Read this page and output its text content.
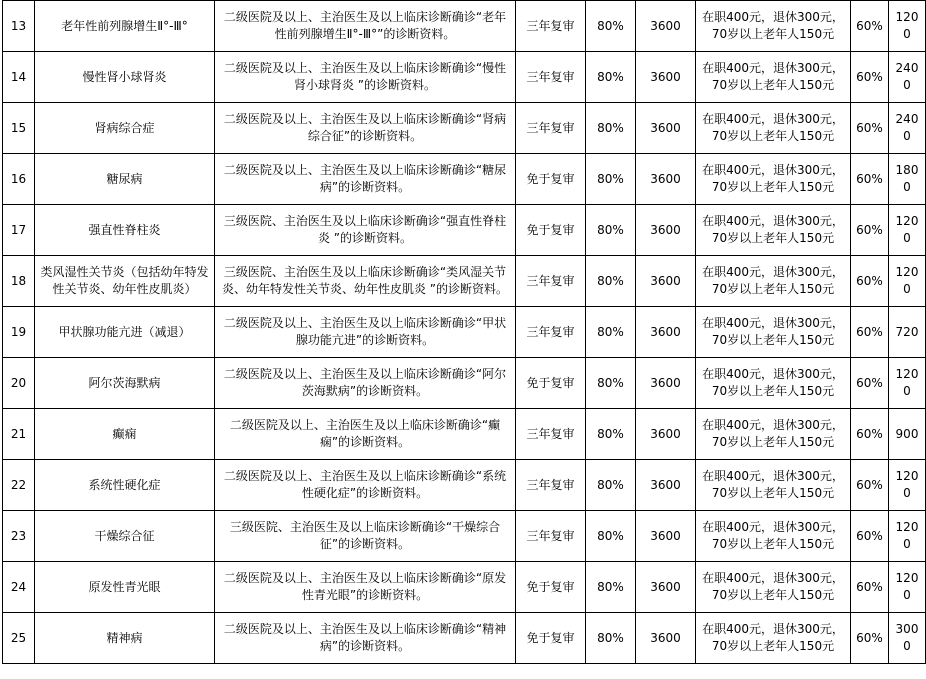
13	老年性前列腺增生Ⅱ°-Ⅲ°	二级医院及以上、主治医生及以上临床诊断确诊“老年性前列腺增生Ⅱ°-Ⅲ°”的诊断资料。	三年复审	80%	3600	在职400元，退休300元，70岁以上老年人150元	60%	1200
14	慢性肾小球肾炎	二级医院及以上、主治医生及以上临床诊断确诊“慢性肾小球肾炎 ”的诊断资料。	三年复审	80%	3600	在职400元，退休300元，70岁以上老年人150元	60%	2400
15	肾病综合症	二级医院及以上、主治医生及以上临床诊断确诊“肾病综合征”的诊断资料。	三年复审	80%	3600	在职400元，退休300元，70岁以上老年人150元	60%	2400
16	糖尿病	二级医院及以上、主治医生及以上临床诊断确诊“糖尿病”的诊断资料。	免于复审	80%	3600	在职400元，退休300元，70岁以上老年人150元	60%	1800
17	强直性脊柱炎	三级医院、主治医生及以上临床诊断确诊“强直性脊柱炎 ”的诊断资料。	免于复审	80%	3600	在职400元，退休300元，70岁以上老年人150元	60%	1200
18	类风湿性关节炎（包括幼年特发性关节炎、幼年性皮肌炎）	三级医院、主治医生及以上临床诊断确诊“类风湿关节炎、幼年特发性关节炎、幼年性皮肌炎 ”的诊断资料。	三年复审	80%	3600	在职400元，退休300元，70岁以上老年人150元	60%	1200
19	甲状腺功能亢进（减退）	二级医院及以上、主治医生及以上临床诊断确诊“甲状腺功能亢进”的诊断资料。	三年复审	80%	3600	在职400元，退休300元，70岁以上老年人150元	60%	720
20	阿尔茨海默病	二级医院及以上、主治医生及以上临床诊断确诊“阿尔茨海默病”的诊断资料。	免于复审	80%	3600	在职400元，退休300元，70岁以上老年人150元	60%	1200
21	癫痫	二级医院及以上、主治医生及以上临床诊断确诊“癫痫”的诊断资料。	三年复审	80%	3600	在职400元，退休300元，70岁以上老年人150元	60%	900
22	系统性硬化症	二级医院及以上、主治医生及以上临床诊断确诊“系统性硬化症”的诊断资料。	三年复审	80%	3600	在职400元，退休300元，70岁以上老年人150元	60%	1200
23	干燥综合征	三级医院、主治医生及以上临床诊断确诊“干燥综合征”的诊断资料。	三年复审	80%	3600	在职400元，退休300元，70岁以上老年人150元	60%	1200
24	原发性青光眼	二级医院及以上、主治医生及以上临床诊断确诊“原发性青光眼”的诊断资料。	免于复审	80%	3600	在职400元，退休300元，70岁以上老年人150元	60%	1200
25	精神病	二级医院及以上、主治医生及以上临床诊断确诊“精神病”的诊断资料。	免于复审	80%	3600	在职400元，退休300元，70岁以上老年人150元	60%	3000
